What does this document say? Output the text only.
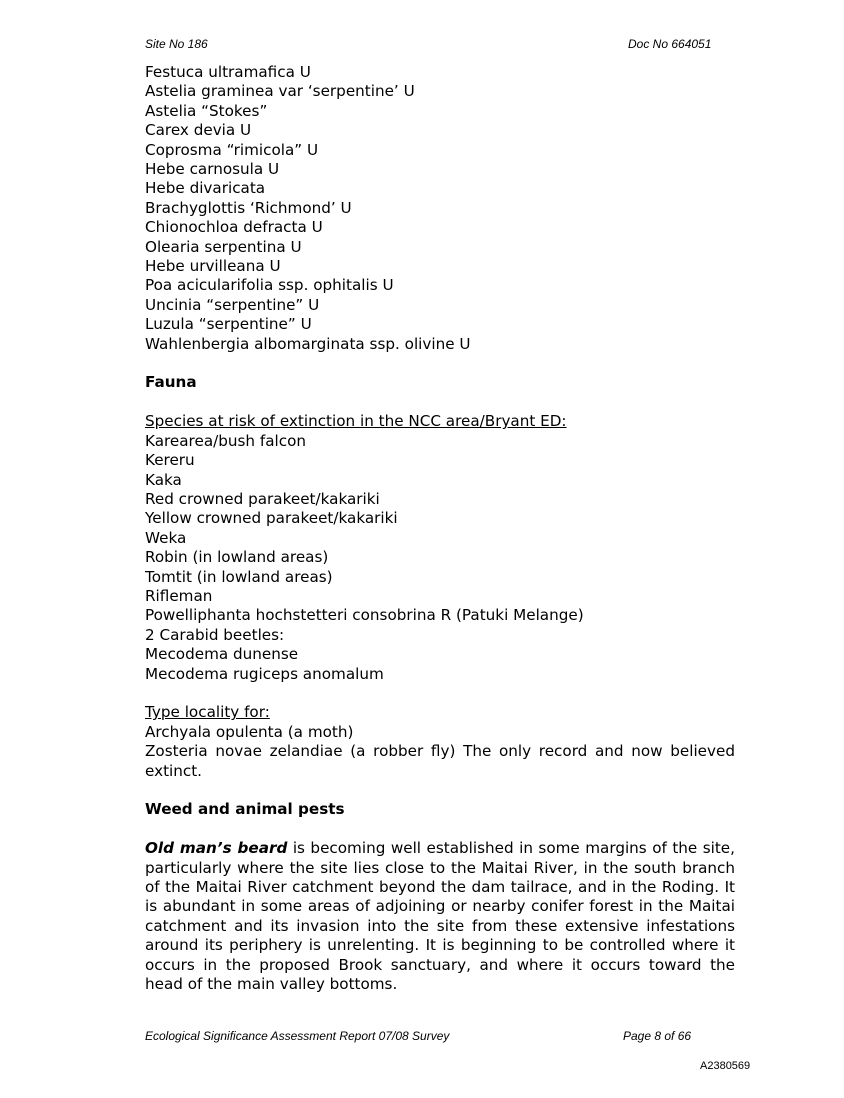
Site No 186	Doc No 664051
Festuca ultramafica U
Astelia graminea var ‘serpentine’ U
Astelia “Stokes”
Carex devia U
Coprosma “rimicola” U
Hebe carnosula U
Hebe divaricata
Brachyglottis ‘Richmond’ U
Chionochloa defracta U
Olearia serpentina U
Hebe urvilleana U
Poa acicularifolia ssp. ophitalis U
Uncinia “serpentine” U
Luzula “serpentine” U
Wahlenbergia albomarginata ssp. olivine U
Fauna
Species at risk of extinction in the NCC area/Bryant ED:
Karearea/bush falcon
Kereru
Kaka
Red crowned parakeet/kakariki
Yellow crowned parakeet/kakariki
Weka
Robin (in lowland areas)
Tomtit (in lowland areas)
Rifleman
Powelliphanta hochstetteri consobrina R (Patuki Melange)
2 Carabid beetles:
Mecodema dunense
Mecodema rugiceps anomalum
Type locality for:
Archyala opulenta (a moth)
Zosteria novae zelandiae (a robber fly) The only record and now believed extinct.
Weed and animal pests
Old man’s beard is becoming well established in some margins of the site, particularly where the site lies close to the Maitai River, in the south branch of the Maitai River catchment beyond the dam tailrace, and in the Roding. It is abundant in some areas of adjoining or nearby conifer forest in the Maitai catchment and its invasion into the site from these extensive infestations around its periphery is unrelenting. It is beginning to be controlled where it occurs in the proposed Brook sanctuary, and where it occurs toward the head of the main valley bottoms.
Ecological Significance Assessment Report 07/08 Survey	Page 8 of 66
A2380569
